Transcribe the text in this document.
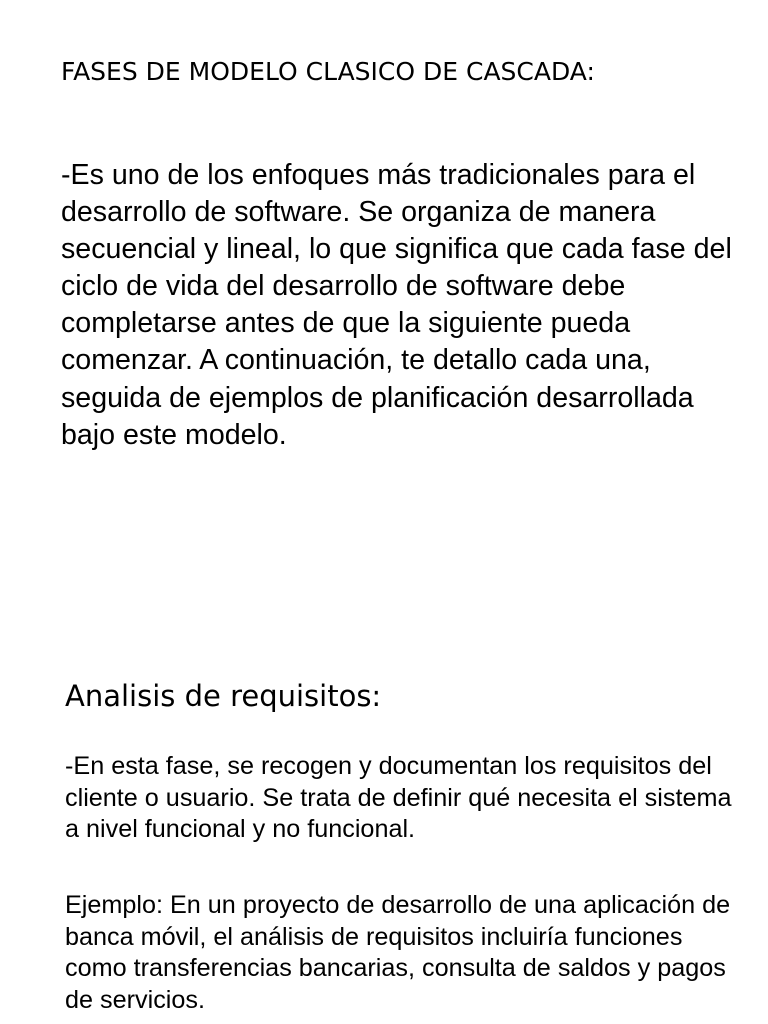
FASES DE MODELO CLASICO DE CASCADA:

-Es uno de los enfoques más tradicionales para el desarrollo de software. Se organiza de manera secuencial y lineal, lo que significa que cada fase del ciclo de vida del desarrollo de software debe completarse antes de que la siguiente pueda comenzar. A continuación, te detallo cada una, seguida de ejemplos de planificación desarrollada bajo este modelo.

Analisis de requisitos:

-En esta fase, se recogen y documentan los requisitos del cliente o usuario. Se trata de definir qué necesita el sistema a nivel funcional y no funcional.

Ejemplo: En un proyecto de desarrollo de una aplicación de banca móvil, el análisis de requisitos incluiría funciones como transferencias bancarias, consulta de saldos y pagos de servicios.
